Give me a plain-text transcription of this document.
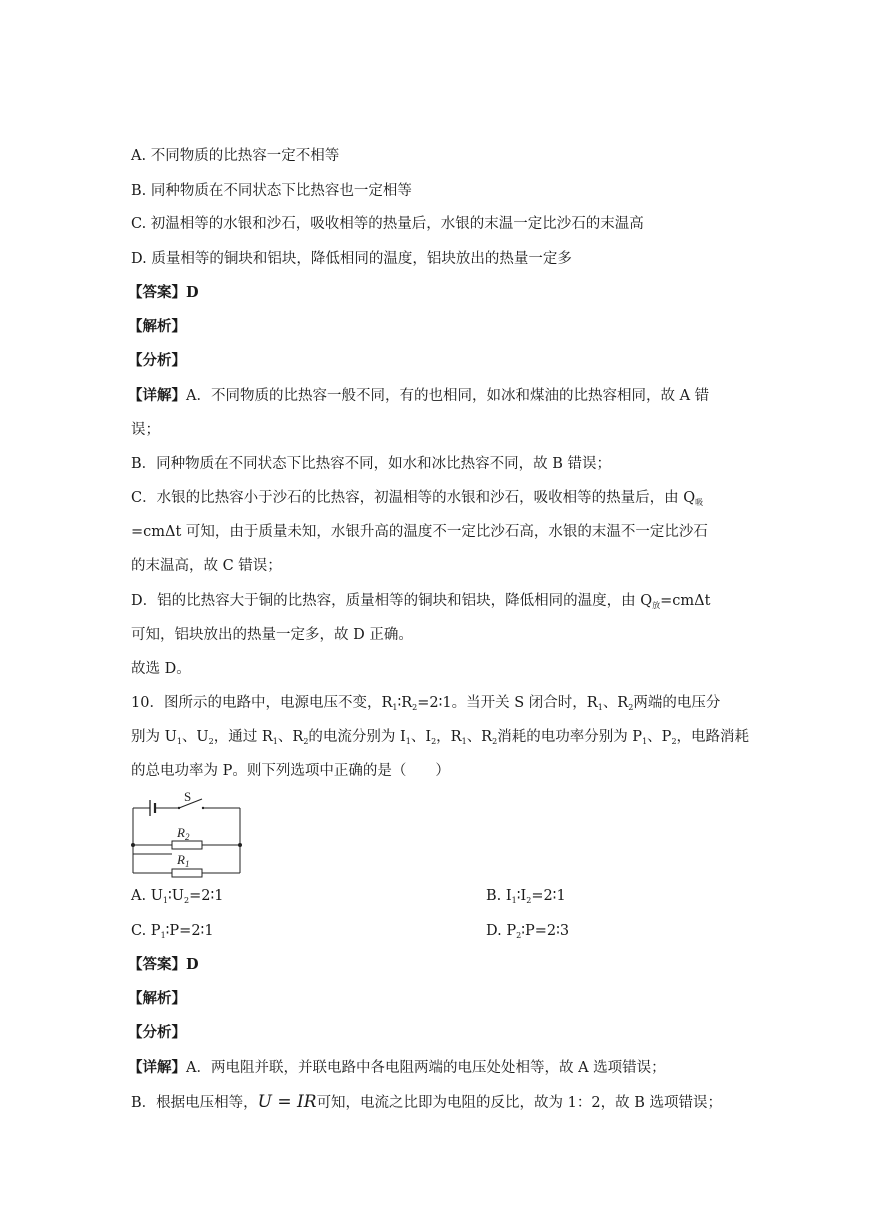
A. 不同物质的比热容一定不相等
B. 同种物质在不同状态下比热容也一定相等
C. 初温相等的水银和沙石，吸收相等的热量后，水银的末温一定比沙石的末温高
D. 质量相等的铜块和铝块，降低相同的温度，铝块放出的热量一定多
【答案】D
【解析】
【分析】
【详解】A．不同物质的比热容一般不同，有的也相同，如冰和煤油的比热容相同，故 A 错
误；
B．同种物质在不同状态下比热容不同，如水和冰比热容不同，故 B 错误；
C．水银的比热容小于沙石的比热容，初温相等的水银和沙石，吸收相等的热量后，由 $Q_吸$
=cmΔt 可知，由于质量未知，水银升高的温度不一定比沙石高，水银的末温不一定比沙石
的末温高，故 C 错误；
D．铝的比热容大于铜的比热容，质量相等的铜块和铝块，降低相同的温度，由 $Q_放=cm\Delta t$
可知，铝块放出的热量一定多，故 D 正确。
故选 D。
10．图所示的电路中，电源电压不变，$R_1∶R_2=2∶1$。当开关 S 闭合时，$R_1$、$R_2$两端的电压分
别为 $U_1$、$U_2$，通过 $R_1$、$R_2$的电流分别为 $I_1$、$I_2$，$R_1$、$R_2$消耗的电功率分别为 $P_1$、$P_2$，电路消耗
的总电功率为 P。则下列选项中正确的是（　　）
S
$R_2$
$R_1$
A. $U_1∶U_2=2∶1$	B. $I_1∶I_2=2∶1$
C. $P_1∶P=2∶1$	D. $P_2∶P=2∶3$
【答案】D
【解析】
【分析】
【详解】A．两电阻并联，并联电路中各电阻两端的电压处处相等，故 A 选项错误；
B．根据电压相等，U = IR可知，电流之比即为电阻的反比，故为 1：2，故 B 选项错误；
